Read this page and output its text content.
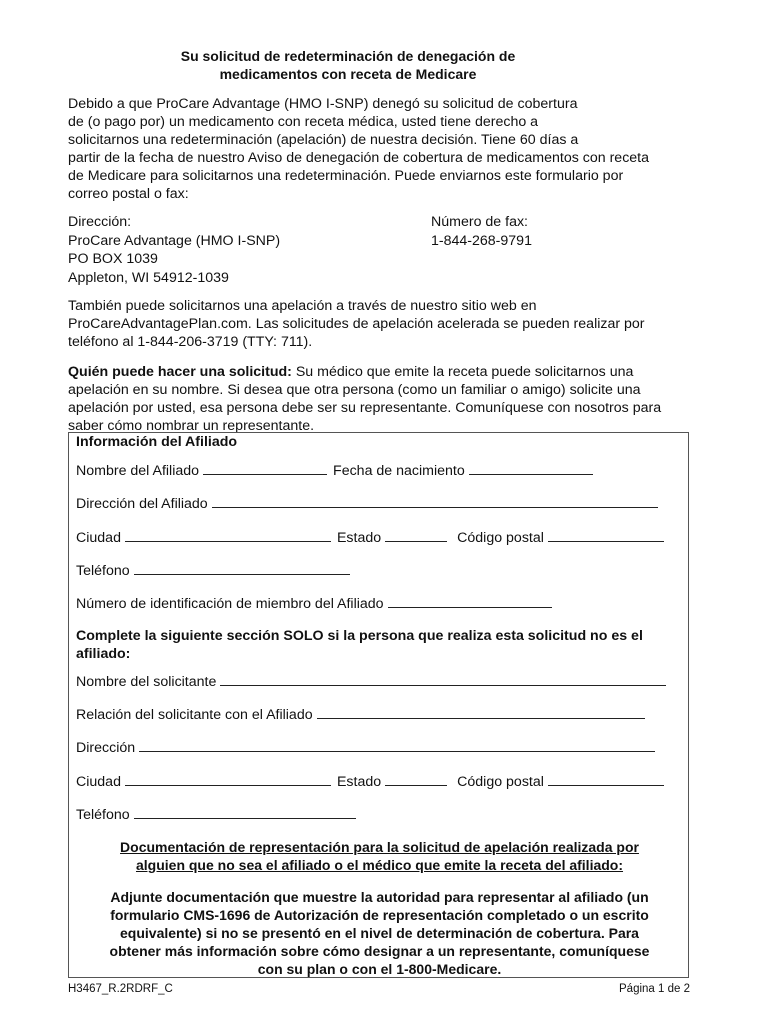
Su solicitud de redeterminación de denegación de
medicamentos con receta de Medicare
Debido a que ProCare Advantage (HMO I-SNP) denegó su solicitud de cobertura
de (o pago por) un medicamento con receta médica, usted tiene derecho a
solicitarnos una redeterminación (apelación) de nuestra decisión. Tiene 60 días a
partir de la fecha de nuestro Aviso de denegación de cobertura de medicamentos con receta
de Medicare para solicitarnos una redeterminación. Puede enviarnos este formulario por
correo postal o fax:
Dirección:
ProCare Advantage (HMO I-SNP)
PO BOX 1039
Appleton, WI 54912-1039
Número de fax:
1-844-268-9791
También puede solicitarnos una apelación a través de nuestro sitio web en
ProCareAdvantagePlan.com. Las solicitudes de apelación acelerada se pueden realizar por
teléfono al 1-844-206-3719 (TTY: 711).
Quién puede hacer una solicitud: Su médico que emite la receta puede solicitarnos una
apelación en su nombre. Si desea que otra persona (como un familiar o amigo) solicite una
apelación por usted, esa persona debe ser su representante. Comuníquese con nosotros para
saber cómo nombrar un representante.
Información del Afiliado
Nombre del Afiliado	Fecha de nacimiento
Dirección del Afiliado
Ciudad	Estado	Código postal
Teléfono
Número de identificación de miembro del Afiliado
Complete la siguiente sección SOLO si la persona que realiza esta solicitud no es el afiliado:
Nombre del solicitante
Relación del solicitante con el Afiliado
Dirección
Ciudad	Estado	Código postal
Teléfono
Documentación de representación para la solicitud de apelación realizada por
alguien que no sea el afiliado o el médico que emite la receta del afiliado:
Adjunte documentación que muestre la autoridad para representar al afiliado (un
formulario CMS-1696 de Autorización de representación completado o un escrito
equivalente) si no se presentó en el nivel de determinación de cobertura. Para
obtener más información sobre cómo designar a un representante, comuníquese
con su plan o con el 1-800-Medicare.
H3467_R.2RDRF_C	Página 1 de 2
